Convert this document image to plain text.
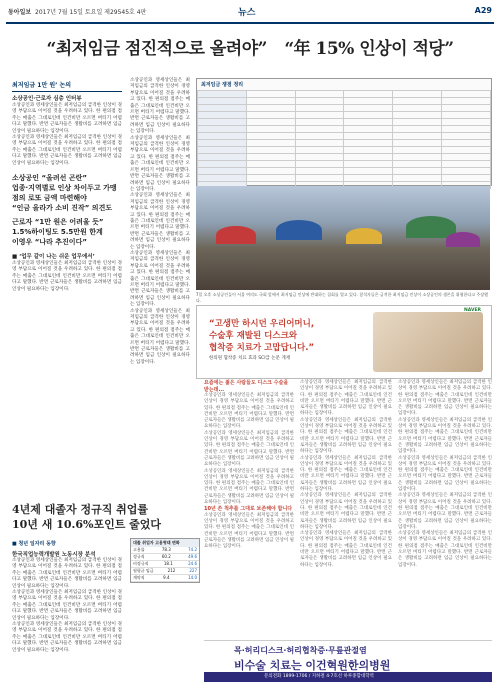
동아일보 2017년 7월 15일 토요일 제29545호 4판	뉴스	A29
“최저임금 점진적으로 올려야” “年 15% 인상이 적당”
최저임금 1만 원’ 논의
소상공인·근로자 심층 인터뷰
소상공인과 영세상인들은 최저임금의 급격한 인상이 경영 부담으로 이어질 것을 우려하고 있다. 한 편의점 점주는 매출은 그대로인데 인건비만 오르면 버티기 어렵다고 말했다. 반면 근로자들은 생활비를 고려하면 임금 인상이 필요하다는 입장이다.
소상공인과 영세상인들은 최저임금의 급격한 인상이 경영 부담으로 이어질 것을 우려하고 있다. 한 편의점 점주는 매출은 그대로인데 인건비만 오르면 버티기 어렵다고 말했다. 반면 근로자들은 생활비를 고려하면 임금 인상이 필요하다는 입장이다.
소상공인 “올려선 곤란”
업종·지역별로 인상 차이두고 가맹점의 로또 금액 마련해야
“인금 올라가 소비 진작” 의견도
근로자 “1만 원은 어려울 듯”
1.5%하이팅도 5.5만원 한계
이영우 “나라 추진이다”
■ ‘업무 같이 나는 쉬운 업무에서’
소상공인과 영세상인들은 최저임금의 급격한 인상이 경영 부담으로 이어질 것을 우려하고 있다. 한 편의점 점주는 매출은 그대로인데 인건비만 오르면 버티기 어렵다고 말했다. 반면 근로자들은 생활비를 고려하면 임금 인상이 필요하다는 입장이다.
소상공인과 영세상인들은 최저임금의 급격한 인상이 경영 부담으로 이어질 것을 우려하고 있다. 한 편의점 점주는 매출은 그대로인데 인건비만 오르면 버티기 어렵다고 말했다. 반면 근로자들은 생활비를 고려하면 임금 인상이 필요하다는 입장이다.
소상공인과 영세상인들은 최저임금의 급격한 인상이 경영 부담으로 이어질 것을 우려하고 있다. 한 편의점 점주는 매출은 그대로인데 인건비만 오르면 버티기 어렵다고 말했다. 반면 근로자들은 생활비를 고려하면 임금 인상이 필요하다는 입장이다.
소상공인과 영세상인들은 최저임금의 급격한 인상이 경영 부담으로 이어질 것을 우려하고 있다. 한 편의점 점주는 매출은 그대로인데 인건비만 오르면 버티기 어렵다고 말했다. 반면 근로자들은 생활비를 고려하면 임금 인상이 필요하다는 입장이다.
소상공인과 영세상인들은 최저임금의 급격한 인상이 경영 부담으로 이어질 것을 우려하고 있다. 한 편의점 점주는 매출은 그대로인데 인건비만 오르면 버티기 어렵다고 말했다. 반면 근로자들은 생활비를 고려하면 임금 인상이 필요하다는 입장이다.
소상공인과 영세상인들은 최저임금의 급격한 인상이 경영 부담으로 이어질 것을 우려하고 있다. 한 편의점 점주는 매출은 그대로인데 인건비만 오르면 버티기 어렵다고 말했다. 반면 근로자들은 생활비를 고려하면 임금 인상이 필요하다는 입장이다.
최저임금 쟁점 정리

7일 오후 소상공인들이 서울 여의도 국회 앞에서 최저임금 인상에 반대하는 집회를 열고 있다. 참석자들은 급격한 최저임금 인상이 소상공인의 생존을 위협한다고 주장했다.
“고생만 하시던 우리어머니,
수술후 재발된 디스크와
협착증 치료가 고맙답니다.”
한의원 협착증 치료 효과 SCI급 논문 게재
NAVER
요즘에는 젊은 사람들도 디스크 수술을 받는데...
소상공인과 영세상인들은 최저임금의 급격한 인상이 경영 부담으로 이어질 것을 우려하고 있다. 한 편의점 점주는 매출은 그대로인데 인건비만 오르면 버티기 어렵다고 말했다. 반면 근로자들은 생활비를 고려하면 임금 인상이 필요하다는 입장이다.
소상공인과 영세상인들은 최저임금의 급격한 인상이 경영 부담으로 이어질 것을 우려하고 있다. 한 편의점 점주는 매출은 그대로인데 인건비만 오르면 버티기 어렵다고 말했다. 반면 근로자들은 생활비를 고려하면 임금 인상이 필요하다는 입장이다.
소상공인과 영세상인들은 최저임금의 급격한 인상이 경영 부담으로 이어질 것을 우려하고 있다. 한 편의점 점주는 매출은 그대로인데 인건비만 오르면 버티기 어렵다고 말했다. 반면 근로자들은 생활비를 고려하면 임금 인상이 필요하다는 입장이다.
10년 쓴 척추를 그대로 보존해야 합니다
소상공인과 영세상인들은 최저임금의 급격한 인상이 경영 부담으로 이어질 것을 우려하고 있다. 한 편의점 점주는 매출은 그대로인데 인건비만 오르면 버티기 어렵다고 말했다. 반면 근로자들은 생활비를 고려하면 임금 인상이 필요하다는 입장이다.
소상공인과 영세상인들은 최저임금의 급격한 인상이 경영 부담으로 이어질 것을 우려하고 있다. 한 편의점 점주는 매출은 그대로인데 인건비만 오르면 버티기 어렵다고 말했다. 반면 근로자들은 생활비를 고려하면 임금 인상이 필요하다는 입장이다.
소상공인과 영세상인들은 최저임금의 급격한 인상이 경영 부담으로 이어질 것을 우려하고 있다. 한 편의점 점주는 매출은 그대로인데 인건비만 오르면 버티기 어렵다고 말했다. 반면 근로자들은 생활비를 고려하면 임금 인상이 필요하다는 입장이다.
소상공인과 영세상인들은 최저임금의 급격한 인상이 경영 부담으로 이어질 것을 우려하고 있다. 한 편의점 점주는 매출은 그대로인데 인건비만 오르면 버티기 어렵다고 말했다. 반면 근로자들은 생활비를 고려하면 임금 인상이 필요하다는 입장이다.
소상공인과 영세상인들은 최저임금의 급격한 인상이 경영 부담으로 이어질 것을 우려하고 있다. 한 편의점 점주는 매출은 그대로인데 인건비만 오르면 버티기 어렵다고 말했다. 반면 근로자들은 생활비를 고려하면 임금 인상이 필요하다는 입장이다.
소상공인과 영세상인들은 최저임금의 급격한 인상이 경영 부담으로 이어질 것을 우려하고 있다. 한 편의점 점주는 매출은 그대로인데 인건비만 오르면 버티기 어렵다고 말했다. 반면 근로자들은 생활비를 고려하면 임금 인상이 필요하다는 입장이다.
소상공인과 영세상인들은 최저임금의 급격한 인상이 경영 부담으로 이어질 것을 우려하고 있다. 한 편의점 점주는 매출은 그대로인데 인건비만 오르면 버티기 어렵다고 말했다. 반면 근로자들은 생활비를 고려하면 임금 인상이 필요하다는 입장이다.
소상공인과 영세상인들은 최저임금의 급격한 인상이 경영 부담으로 이어질 것을 우려하고 있다. 한 편의점 점주는 매출은 그대로인데 인건비만 오르면 버티기 어렵다고 말했다. 반면 근로자들은 생활비를 고려하면 임금 인상이 필요하다는 입장이다.
소상공인과 영세상인들은 최저임금의 급격한 인상이 경영 부담으로 이어질 것을 우려하고 있다. 한 편의점 점주는 매출은 그대로인데 인건비만 오르면 버티기 어렵다고 말했다. 반면 근로자들은 생활비를 고려하면 임금 인상이 필요하다는 입장이다.
소상공인과 영세상인들은 최저임금의 급격한 인상이 경영 부담으로 이어질 것을 우려하고 있다. 한 편의점 점주는 매출은 그대로인데 인건비만 오르면 버티기 어렵다고 말했다. 반면 근로자들은 생활비를 고려하면 임금 인상이 필요하다는 입장이다.
소상공인과 영세상인들은 최저임금의 급격한 인상이 경영 부담으로 이어질 것을 우려하고 있다. 한 편의점 점주는 매출은 그대로인데 인건비만 오르면 버티기 어렵다고 말했다. 반면 근로자들은 생활비를 고려하면 임금 인상이 필요하다는 입장이다.
4년제 대졸자 정규직 취업률
10년 새 10.6%포인트 줄었다
■ 청년 일자리 동향
한국직업능력개발원 노동시장 분석
소상공인과 영세상인들은 최저임금의 급격한 인상이 경영 부담으로 이어질 것을 우려하고 있다. 한 편의점 점주는 매출은 그대로인데 인건비만 오르면 버티기 어렵다고 말했다. 반면 근로자들은 생활비를 고려하면 임금 인상이 필요하다는 입장이다.
소상공인과 영세상인들은 최저임금의 급격한 인상이 경영 부담으로 이어질 것을 우려하고 있다. 한 편의점 점주는 매출은 그대로인데 인건비만 오르면 버티기 어렵다고 말했다. 반면 근로자들은 생활비를 고려하면 임금 인상이 필요하다는 입장이다.
소상공인과 영세상인들은 최저임금의 급격한 인상이 경영 부담으로 이어질 것을 우려하고 있다. 한 편의점 점주는 매출은 그대로인데 인건비만 오르면 버티기 어렵다고 말했다. 반면 근로자들은 생활비를 고려하면 임금 인상이 필요하다는 입장이다.
대졸 취업자 고용형태 변화
고용률	78.3	74.2
정규직	60.2	49.6
비정규직	18.1	24.6
월평균 임금	212	227
계약직	9.4	14.0
목·허리디스크·허리협착증·무릎관절염
비수술 치료는 이건혁원한의병원
문의전화 1899-1706 / 지하철 4·7호선 하루종합대학역
